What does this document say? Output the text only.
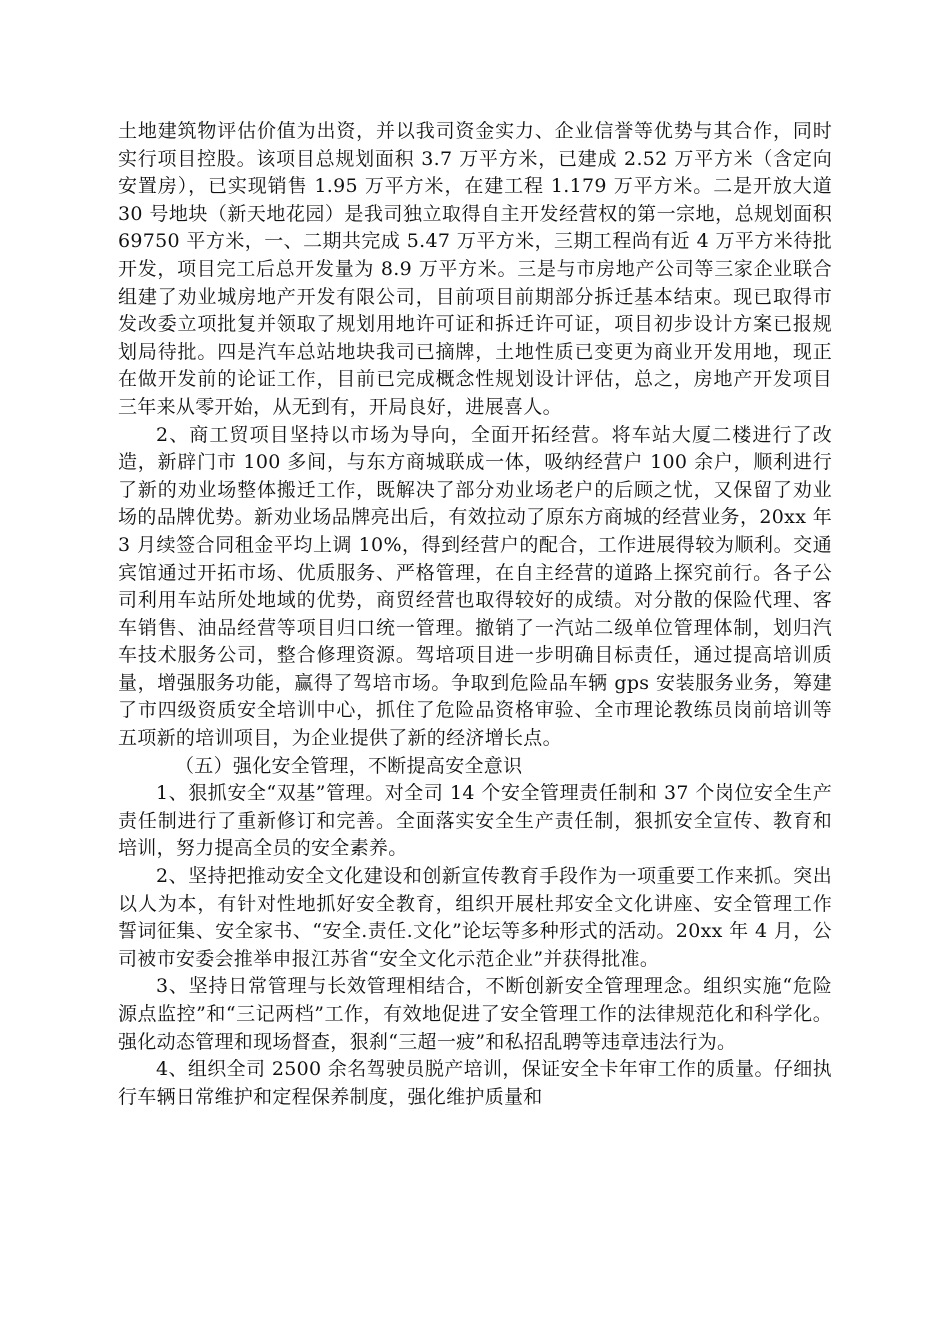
土地建筑物评估价值为出资，并以我司资金实力、企业信誉等优势与其合作，同时实行项目控股。该项目总规划面积 3.7 万平方米，已建成 2.52 万平方米（含定向安置房），已实现销售 1.95 万平方米，在建工程 1.179 万平方米。二是开放大道 30 号地块（新天地花园）是我司独立取得自主开发经营权的第一宗地，总规划面积 69750 平方米，一、二期共完成 5.47 万平方米，三期工程尚有近 4 万平方米待批开发，项目完工后总开发量为 8.9 万平方米。三是与市房地产公司等三家企业联合组建了劝业城房地产开发有限公司，目前项目前期部分拆迁基本结束。现已取得市发改委立项批复并领取了规划用地许可证和拆迁许可证，项目初步设计方案已报规划局待批。四是汽车总站地块我司已摘牌，土地性质已变更为商业开发用地，现正在做开发前的论证工作，目前已完成概念性规划设计评估，总之，房地产开发项目三年来从零开始，从无到有，开局良好，进展喜人。

2、商工贸项目坚持以市场为导向，全面开拓经营。将车站大厦二楼进行了改造，新辟门市 100 多间，与东方商城联成一体，吸纳经营户 100 余户，顺利进行了新的劝业场整体搬迁工作，既解决了部分劝业场老户的后顾之忧，又保留了劝业场的品牌优势。新劝业场品牌亮出后，有效拉动了原东方商城的经营业务，20xx 年 3 月续签合同租金平均上调 10%，得到经营户的配合，工作进展得较为顺利。交通宾馆通过开拓市场、优质服务、严格管理，在自主经营的道路上探究前行。各子公司利用车站所处地域的优势，商贸经营也取得较好的成绩。对分散的保险代理、客车销售、油品经营等项目归口统一管理。撤销了一汽站二级单位管理体制，划归汽车技术服务公司，整合修理资源。驾培项目进一步明确目标责任，通过提高培训质量，增强服务功能，赢得了驾培市场。争取到危险品车辆 gps 安装服务业务，筹建了市四级资质安全培训中心，抓住了危险品资格审验、全市理论教练员岗前培训等五项新的培训项目，为企业提供了新的经济增长点。

（五）强化安全管理，不断提高安全意识

1、狠抓安全“双基”管理。对全司 14 个安全管理责任制和 37 个岗位安全生产责任制进行了重新修订和完善。全面落实安全生产责任制，狠抓安全宣传、教育和培训，努力提高全员的安全素养。

2、坚持把推动安全文化建设和创新宣传教育手段作为一项重要工作来抓。突出以人为本，有针对性地抓好安全教育，组织开展杜邦安全文化讲座、安全管理工作誓词征集、安全家书、“安全.责任.文化”论坛等多种形式的活动。20xx 年 4 月，公司被市安委会推举申报江苏省“安全文化示范企业”并获得批准。

3、坚持日常管理与长效管理相结合，不断创新安全管理理念。组织实施“危险源点监控”和“三记两档”工作，有效地促进了安全管理工作的法律规范化和科学化。强化动态管理和现场督查，狠刹“三超一疲”和私招乱聘等违章违法行为。

4、组织全司 2500 余名驾驶员脱产培训，保证安全卡年审工作的质量。仔细执行车辆日常维护和定程保养制度，强化维护质量和
